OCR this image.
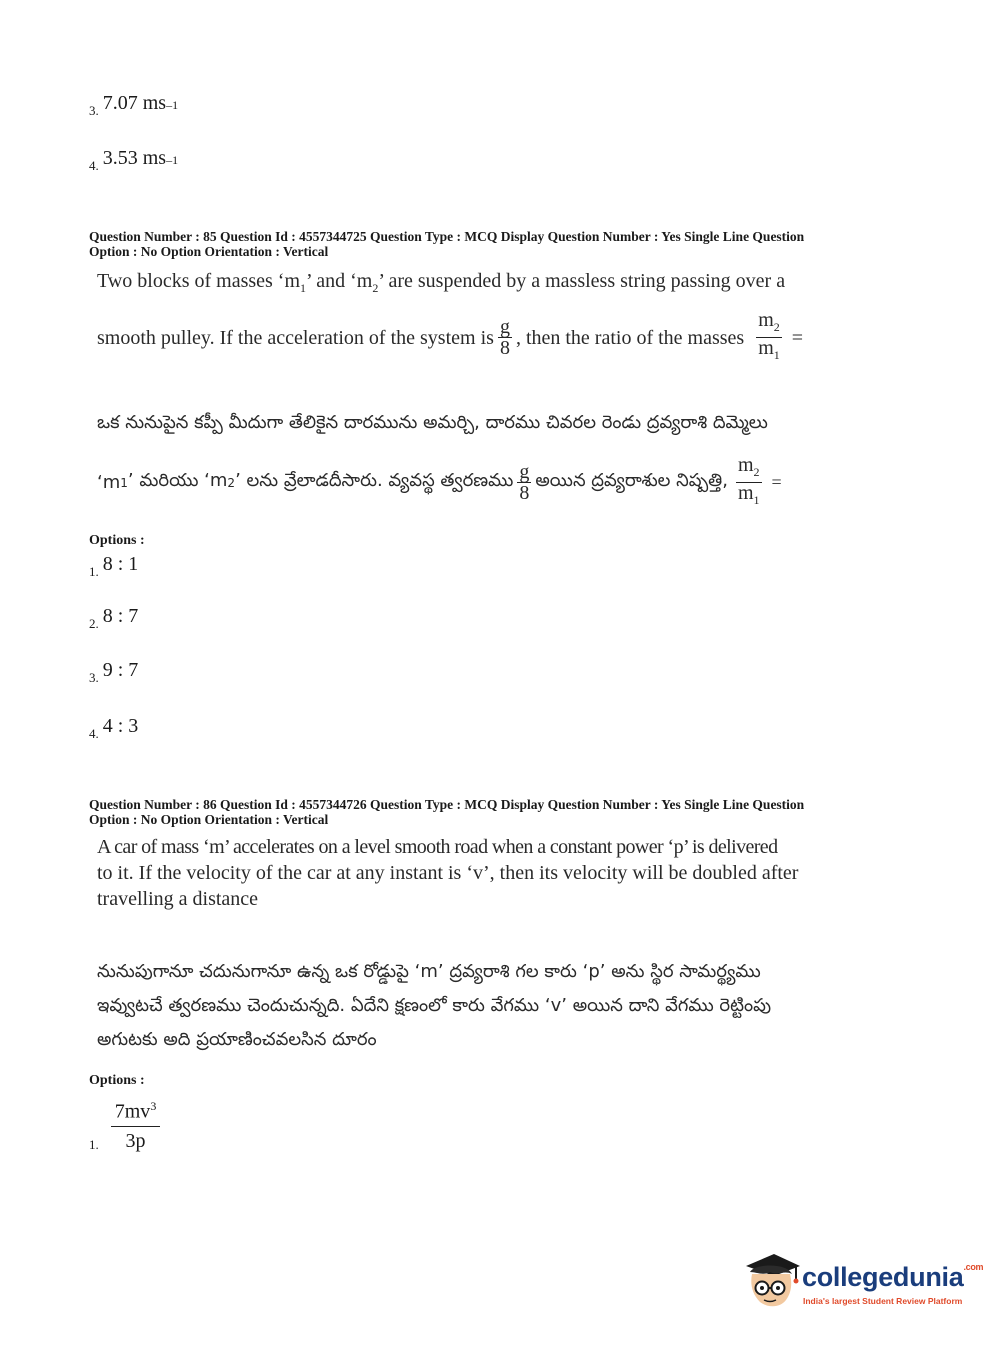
3. 7.07 ms –1
4. 3.53 ms –1
Question Number : 85 Question Id : 4557344725 Question Type : MCQ Display Question Number : Yes Single Line Question
Option : No Option Orientation : Vertical
Two blocks of masses ‘$m_1$’ and ‘$m_2$’ are suspended by a massless string passing over a
smooth pulley. If the acceleration of the system is $\frac{g}{8}$ , then the ratio of the masses $\frac{m_2}{m_1}$ =
ఒక నునుపైన కప్పీ మీదుగా తేలికైన దారమును అమర్చి, దారము చివరల రెండు ద్రవ్యరాశి దిమ్మెలు
‘m 1 ’ మరియు ‘m 2 ’ లను వ్రేలాడదీసారు. వ్యవస్థ త్వరణము $\frac{g}{8}$ అయిన ద్రవ్యరాశుల నిష్పత్తి, $\frac{m_2}{m_1}$ =
Options :
1. 8 : 1
2. 8 : 7
3. 9 : 7
4. 4 : 3
Question Number : 86 Question Id : 4557344726 Question Type : MCQ Display Question Number : Yes Single Line Question
Option : No Option Orientation : Vertical
A car of mass ‘m’ accelerates on a level smooth road when a constant power ‘p’ is delivered
to it. If the velocity of the car at any instant is ‘v’, then its velocity will be doubled after
travelling a distance
నునుపుగానూ చదునుగానూ ఉన్న ఒక రోడ్డుపై ‘m’ ద్రవ్యరాశి గల కారు ‘p’ అను స్థిర సామర్థ్యము
ఇవ్వుటచే త్వరణము చెందుచున్నది. ఏదేని క్షణంలో కారు వేగము ‘v’ అయిన దాని వేగము రెట్టింపు
అగుటకు అది ప్రయాణించవలసిన దూరం
Options :
1. $\frac{7mv^3}{3p}$
collegedunia$^{.com}$
India's largest Student Review Platform
